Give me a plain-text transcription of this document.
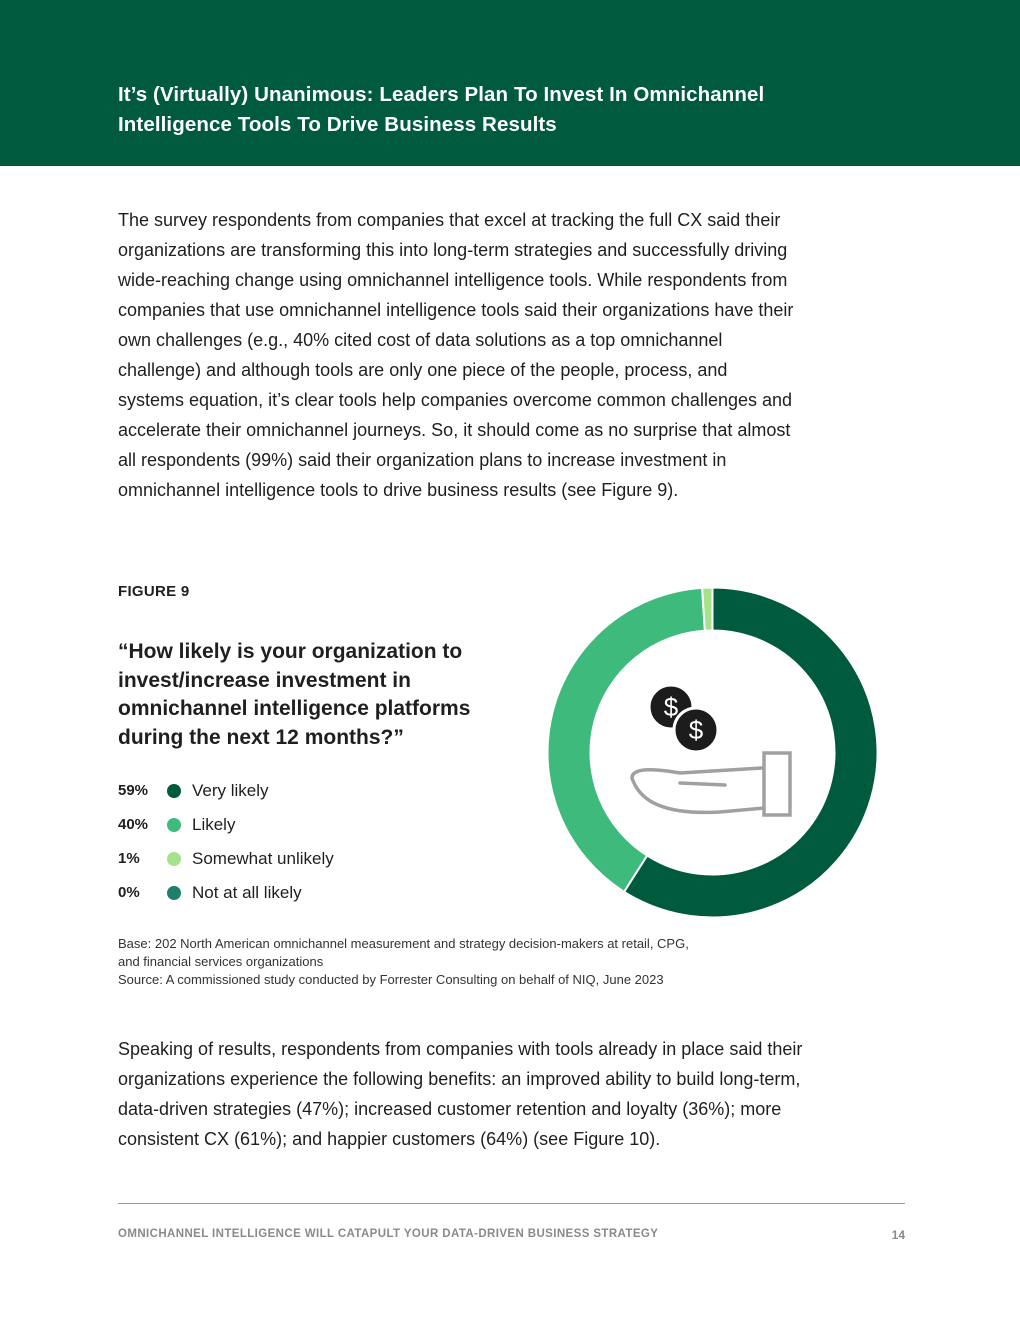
It’s (Virtually) Unanimous: Leaders Plan To Invest In Omnichannel Intelligence Tools To Drive Business Results

The survey respondents from companies that excel at tracking the full CX said their organizations are transforming this into long-term strategies and successfully driving wide-reaching change using omnichannel intelligence tools. While respondents from companies that use omnichannel intelligence tools said their organizations have their own challenges (e.g., 40% cited cost of data solutions as a top omnichannel challenge) and although tools are only one piece of the people, process, and systems equation, it’s clear tools help companies overcome common challenges and accelerate their omnichannel journeys. So, it should come as no surprise that almost all respondents (99%) said their organization plans to increase investment in omnichannel intelligence tools to drive business results (see Figure 9).

FIGURE 9

“How likely is your organization to invest/increase investment in omnichannel intelligence platforms during the next 12 months?”

59%	Very likely
40%	Likely
1%	Somewhat unlikely
0%	Not at all likely
$
$
Base: 202 North American omnichannel measurement and strategy decision-makers at retail, CPG,
and financial services organizations
Source: A commissioned study conducted by Forrester Consulting on behalf of NIQ, June 2023

Speaking of results, respondents from companies with tools already in place said their organizations experience the following benefits: an improved ability to build long-term, data-driven strategies (47%); increased customer retention and loyalty (36%); more consistent CX (61%); and happier customers (64%) (see Figure 10).

OMNICHANNEL INTELLIGENCE WILL CATAPULT YOUR DATA-DRIVEN BUSINESS STRATEGY	14
